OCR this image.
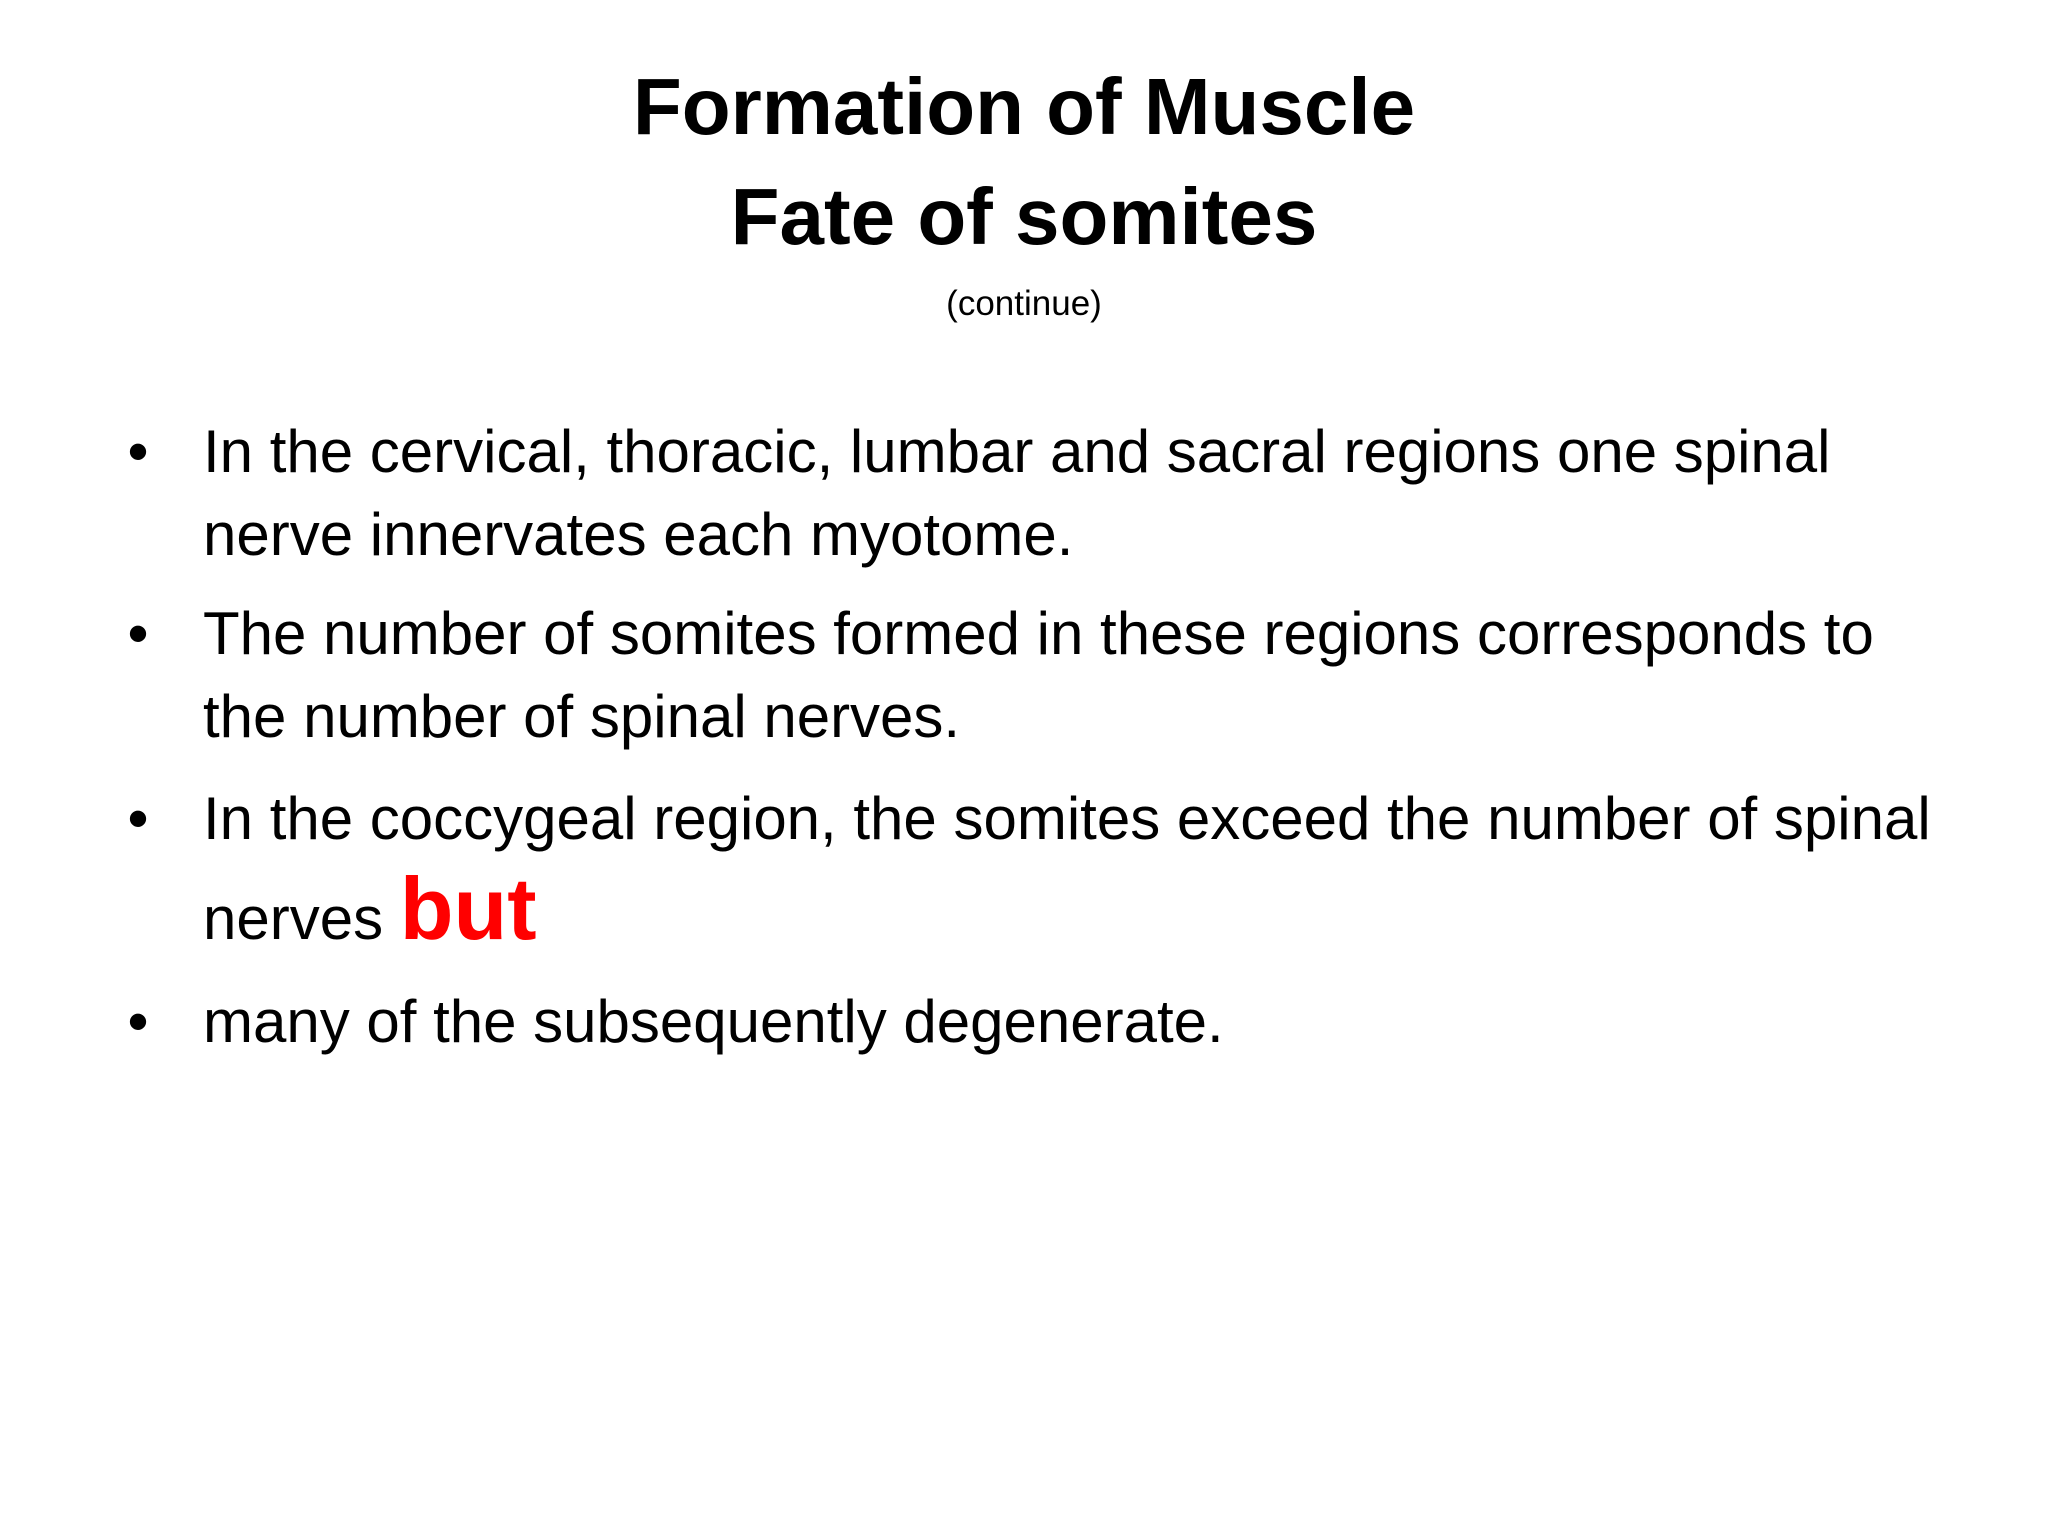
Formation of Muscle
Fate of somites
(continue)
• In the cervical, thoracic, lumbar and sacral regions one spinal nerve innervates each myotome.
• The number of somites formed in these regions corresponds to the number of spinal nerves.
• In the coccygeal region, the somites exceed the number of spinal nerves but
• many of the subsequently degenerate.
